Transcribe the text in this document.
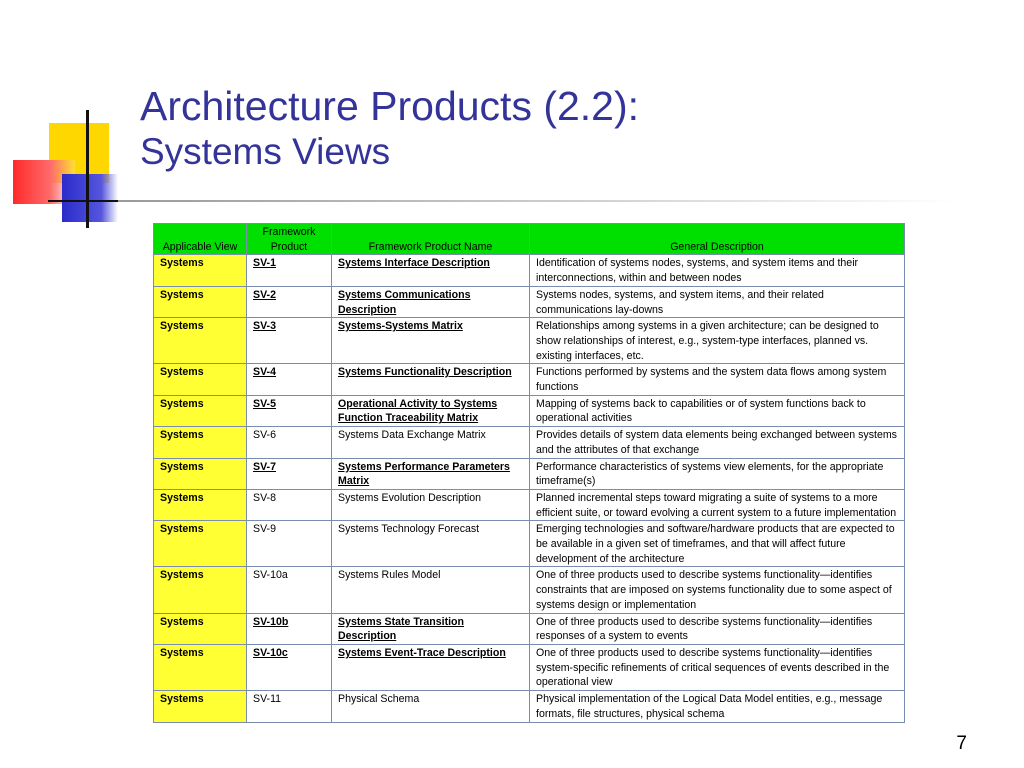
Architecture Products (2.2):
Systems Views
Applicable View	Framework Product	Framework Product Name	General Description
Systems	SV-1	Systems Interface Description	Identification of systems nodes, systems, and system items and their interconnections, within and between nodes
Systems	SV-2	Systems Communications Description	Systems nodes, systems, and system items, and their related communications lay-downs
Systems	SV-3	Systems-Systems Matrix	Relationships among systems in a given architecture; can be designed to show relationships of interest, e.g., system-type interfaces, planned vs. existing interfaces, etc.
Systems	SV-4	Systems Functionality Description	Functions performed by systems and the system data flows among system functions
Systems	SV-5	Operational Activity to Systems Function Traceability Matrix	Mapping of systems back to capabilities or of system functions back to operational activities
Systems	SV-6	Systems Data Exchange Matrix	Provides details of system data elements being exchanged between systems and the attributes of that exchange
Systems	SV-7	Systems Performance Parameters Matrix	Performance characteristics of systems view elements, for the appropriate timeframe(s)
Systems	SV-8	Systems Evolution Description	Planned incremental steps toward migrating a suite of systems to a more efficient suite, or toward evolving a current system to a future implementation
Systems	SV-9	Systems Technology Forecast	Emerging technologies and software/hardware products that are expected to be available in a given set of timeframes, and that will affect future development of the architecture
Systems	SV-10a	Systems Rules Model	One of three products used to describe systems functionality—identifies constraints that are imposed on systems functionality due to some aspect of systems design or implementation
Systems	SV-10b	Systems State Transition Description	One of three products used to describe systems functionality—identifies responses of a system to events
Systems	SV-10c	Systems Event-Trace Description	One of three products used to describe systems functionality—identifies system-specific refinements of critical sequences of events described in the operational view
Systems	SV-11	Physical Schema	Physical implementation of the Logical Data Model entities, e.g., message formats, file structures, physical schema
7
